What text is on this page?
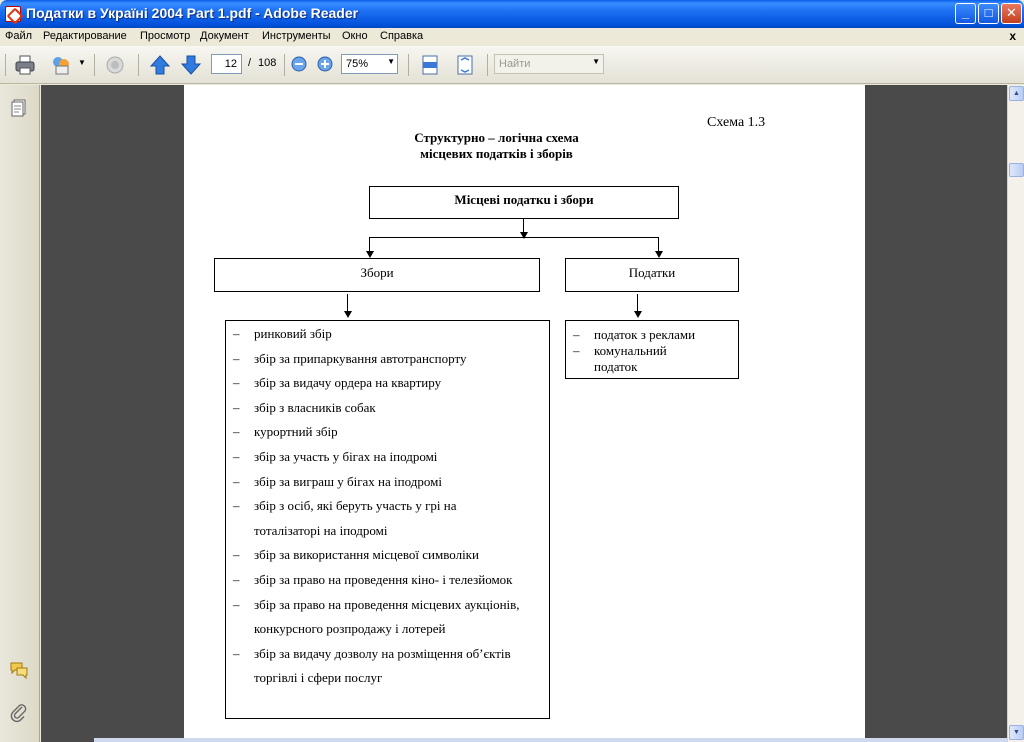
Податки в Україні 2004 Part 1.pdf - Adobe Reader	_	□	✕
Файл Редактирование Просмотр Документ Инструменты Окно Справка	x
▼	12	/ 108	75% ▼	Найти	▼
Схема 1.3
Структурно – логічна схема
місцевих податків і зборів
Місцеві податкu і збори
Збори	Податки
– ринковий збір
– збір за припаркування автотранспорту
– збір за видачу ордера на квартиру
– збір з власників собак
– курортний збір
– збір за участь у бігах на іподромі
– збір за виграш у бігах на іподромі
– збір з осіб, які беруть участь у грі на
тоталізаторі на іподромі
– збір за використання місцевої символіки
– збір за право на проведення кіно- і телезйомок
– збір за право на проведення місцевих аукціонів,
конкурсного розпродажу і лотерей
– збір за видачу дозволу на розміщення об’єктів
торгівлі і сфери послуг
– податок з реклами
– комунальний
податок
▲
▼
